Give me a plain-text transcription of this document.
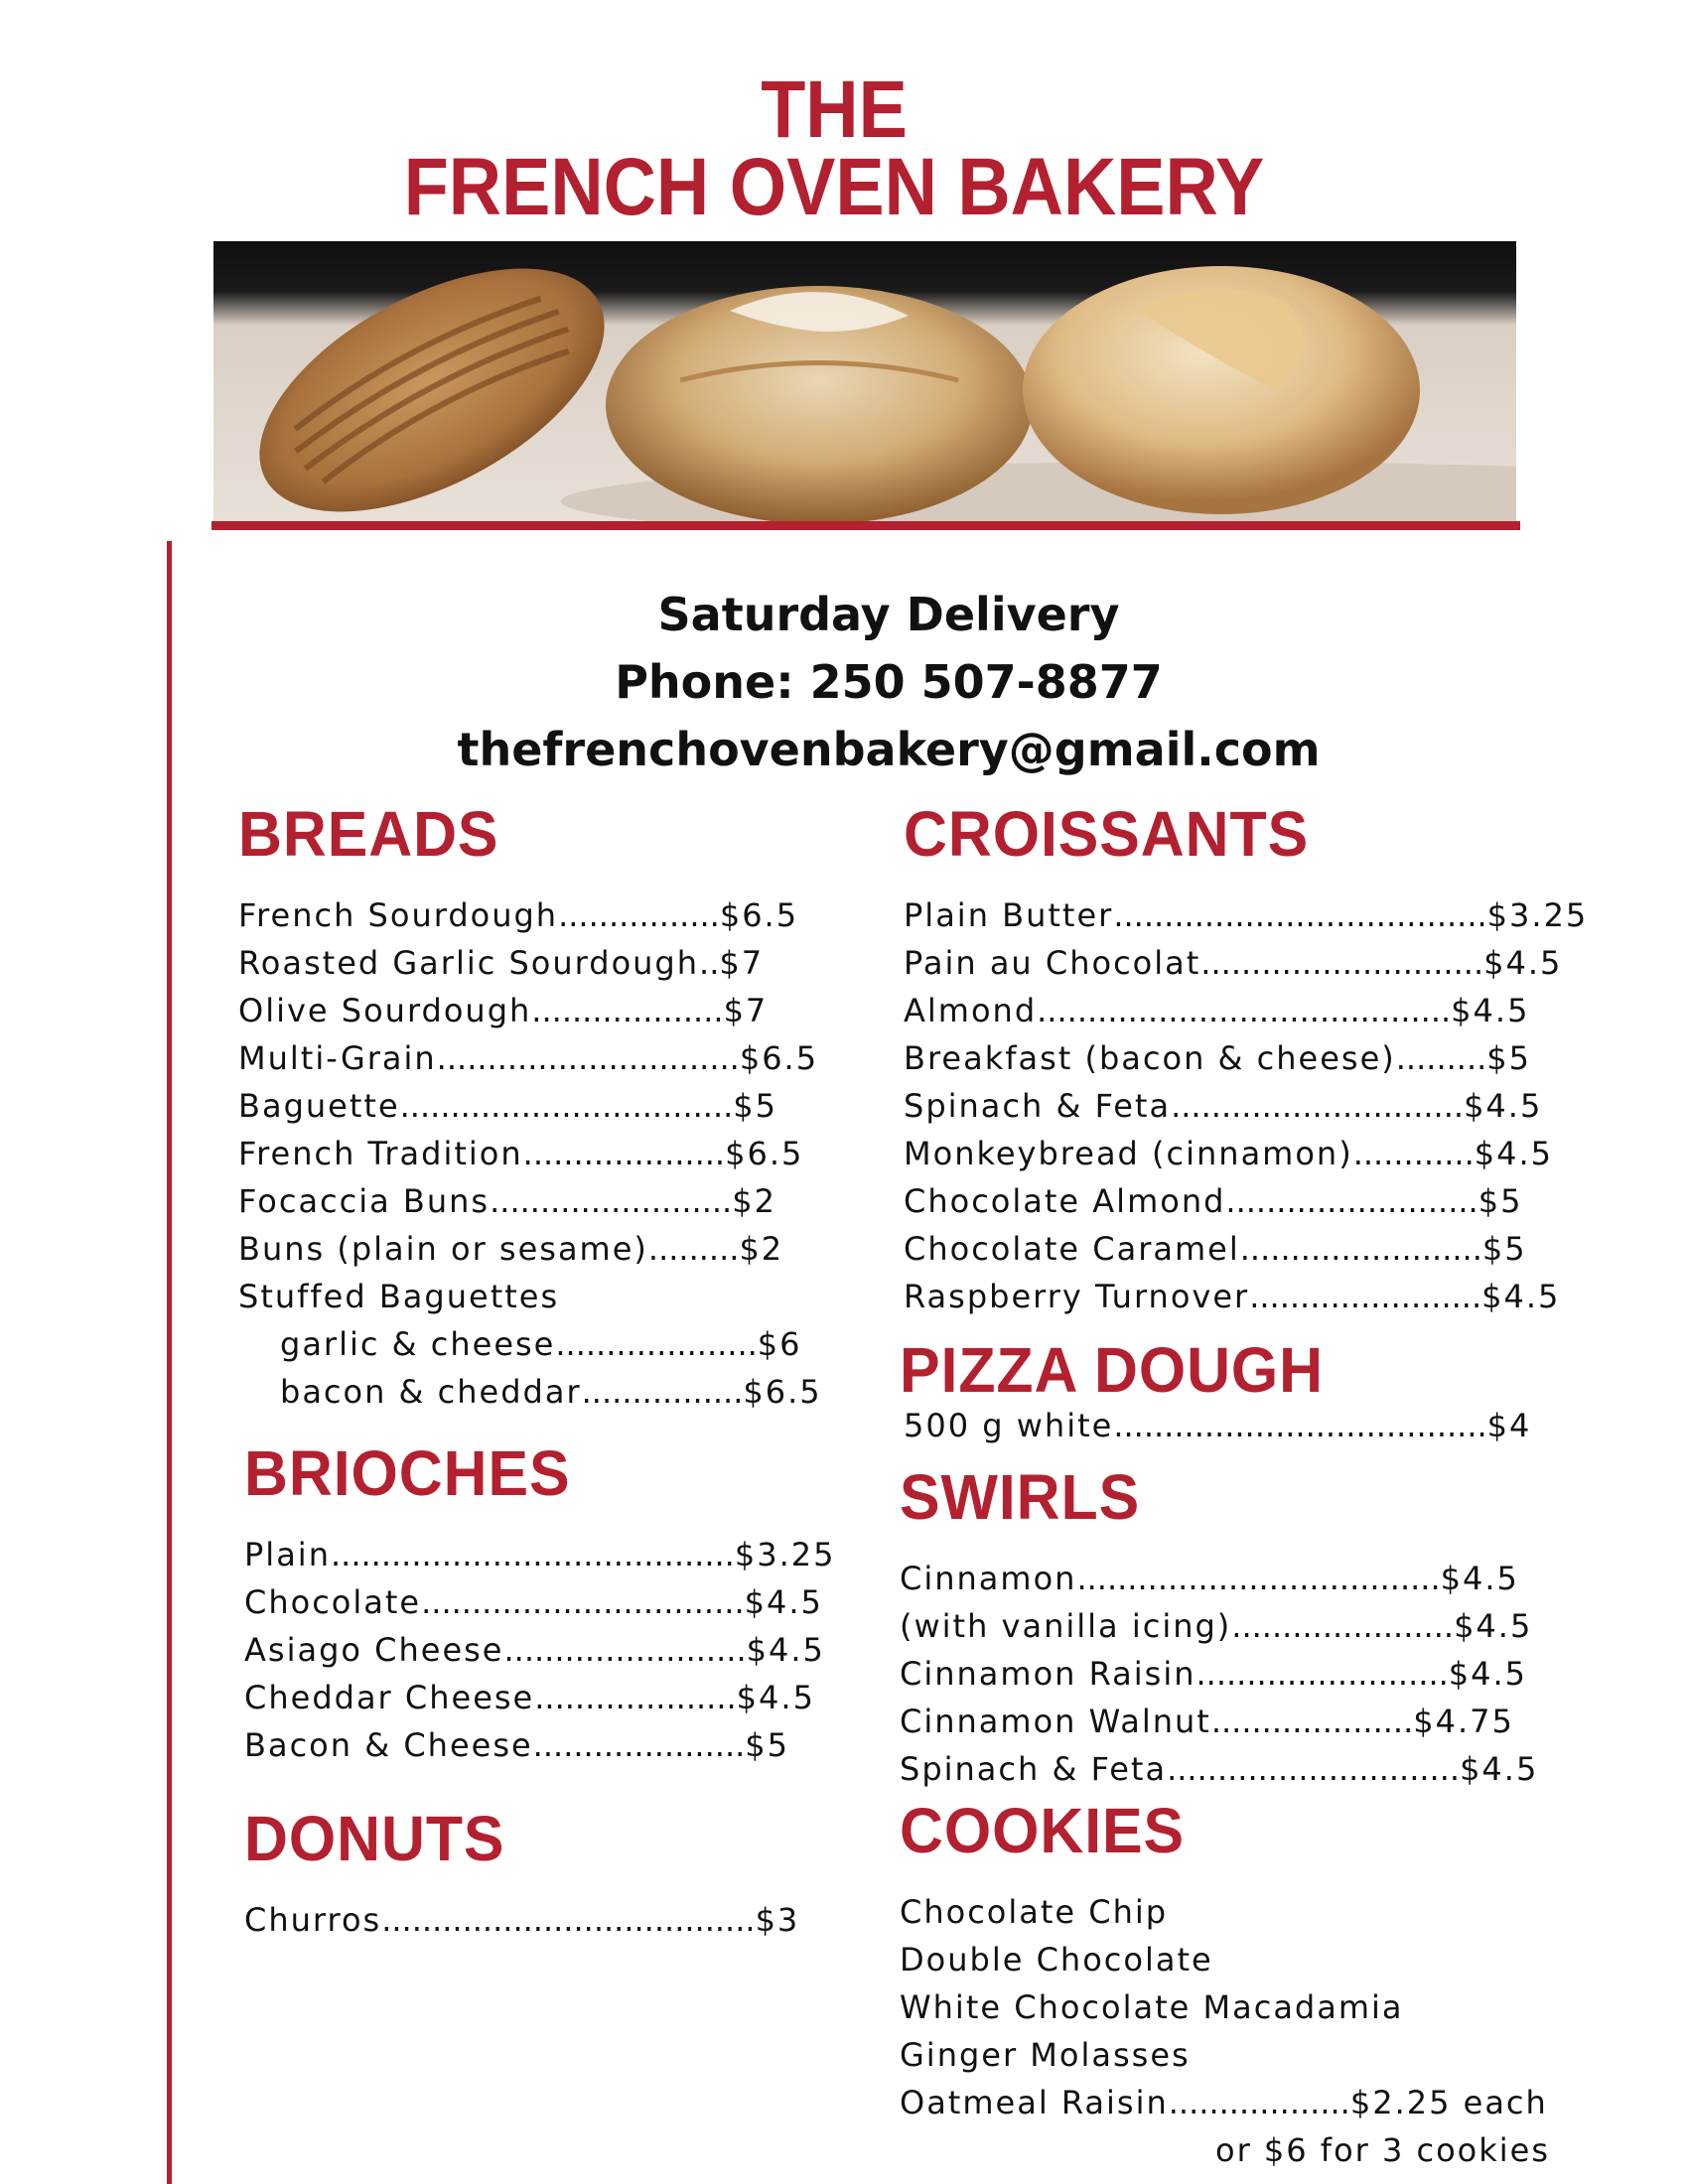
THE
FRENCH OVEN BAKERY
Saturday Delivery
Phone: 250 507-8877
thefrenchovenbakery@gmail.com
BREADS
French Sourdough................$6.5
Roasted Garlic Sourdough..$7
Olive Sourdough...................$7
Multi-Grain..............................$6.5
Baguette.................................$5
French Tradition....................$6.5
Focaccia Buns........................$2
Buns (plain or sesame).........$2
Stuffed Baguettes
garlic & cheese....................$6
bacon & cheddar................$6.5
BRIOCHES
Plain........................................$3.25
Chocolate................................$4.5
Asiago Cheese........................$4.5
Cheddar Cheese....................$4.5
Bacon & Cheese.....................$5
DONUTS
Churros.....................................$3
CROISSANTS
Plain Butter.....................................$3.25
Pain au Chocolat............................$4.5
Almond.........................................$4.5
Breakfast (bacon & cheese).........$5
Spinach & Feta.............................$4.5
Monkeybread (cinnamon)............$4.5
Chocolate Almond.........................$5
Chocolate Caramel........................$5
Raspberry Turnover.......................$4.5
PIZZA DOUGH
500 g white.....................................$4
SWIRLS
Cinnamon....................................$4.5
(with vanilla icing)......................$4.5
Cinnamon Raisin.........................$4.5
Cinnamon Walnut....................$4.75
Spinach & Feta.............................$4.5
COOKIES
Chocolate Chip
Double Chocolate
White Chocolate Macadamia
Ginger Molasses
Oatmeal Raisin..................$2.25 each
or $6 for 3 cookies
